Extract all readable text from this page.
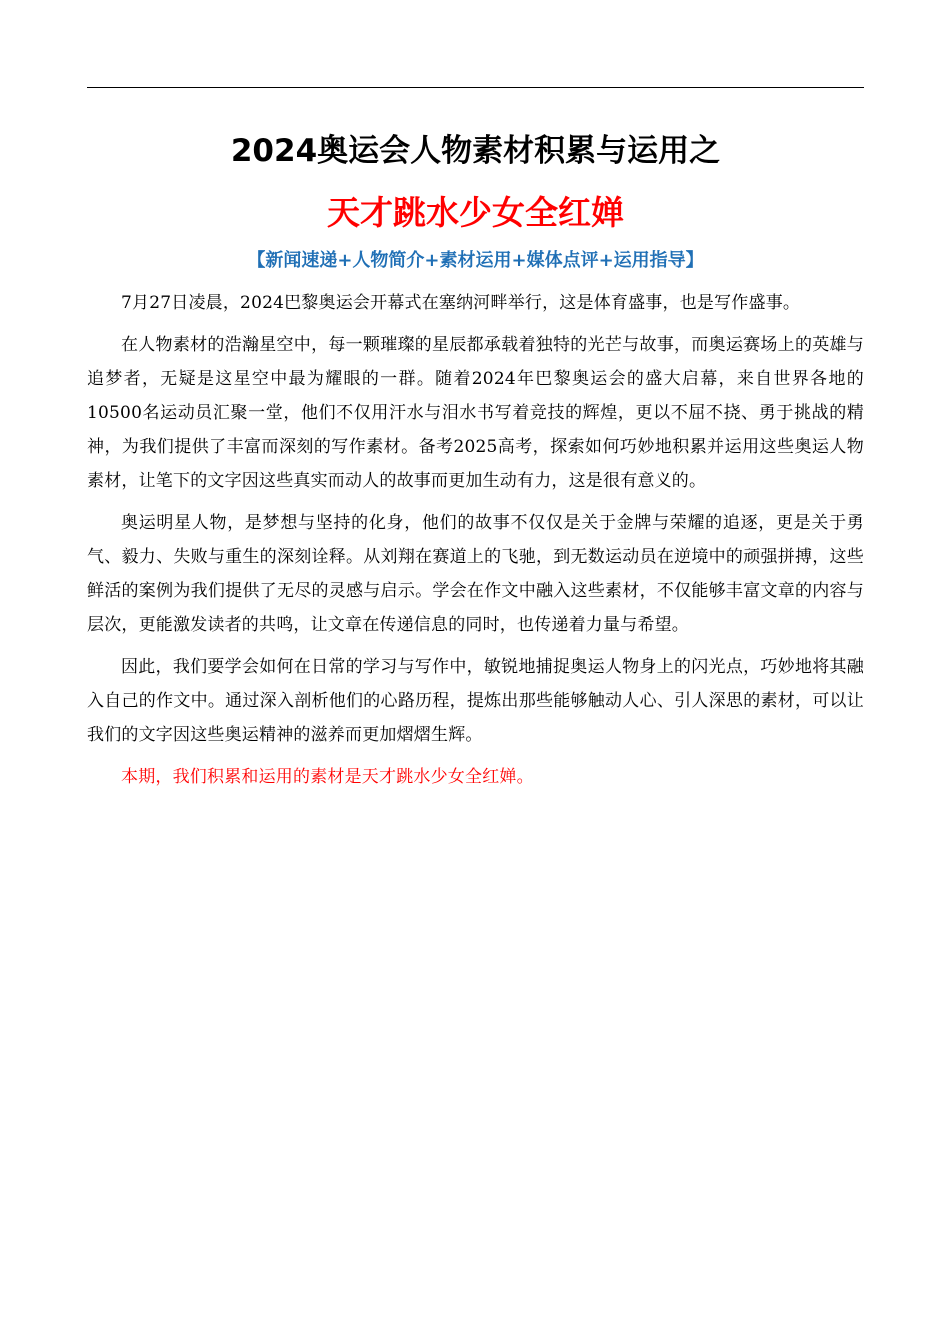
2024奥运会人物素材积累与运用之
天才跳水少女全红婵
【新闻速递+人物简介+素材运用+媒体点评+运用指导】

7月27日凌晨，2024巴黎奥运会开幕式在塞纳河畔举行，这是体育盛事，也是写作盛事。

在人物素材的浩瀚星空中，每一颗璀璨的星辰都承载着独特的光芒与故事，而奥运赛场上的英雄与追梦者，无疑是这星空中最为耀眼的一群。随着2024年巴黎奥运会的盛大启幕，来自世界各地的10500名运动员汇聚一堂，他们不仅用汗水与泪水书写着竞技的辉煌，更以不屈不挠、勇于挑战的精神，为我们提供了丰富而深刻的写作素材。备考2025高考，探索如何巧妙地积累并运用这些奥运人物素材，让笔下的文字因这些真实而动人的故事而更加生动有力，这是很有意义的。

奥运明星人物，是梦想与坚持的化身，他们的故事不仅仅是关于金牌与荣耀的追逐，更是关于勇气、毅力、失败与重生的深刻诠释。从刘翔在赛道上的飞驰，到无数运动员在逆境中的顽强拼搏，这些鲜活的案例为我们提供了无尽的灵感与启示。学会在作文中融入这些素材，不仅能够丰富文章的内容与层次，更能激发读者的共鸣，让文章在传递信息的同时，也传递着力量与希望。

因此，我们要学会如何在日常的学习与写作中，敏锐地捕捉奥运人物身上的闪光点，巧妙地将其融入自己的作文中。通过深入剖析他们的心路历程，提炼出那些能够触动人心、引人深思的素材，可以让我们的文字因这些奥运精神的滋养而更加熠熠生辉。

本期，我们积累和运用的素材是天才跳水少女全红婵。
